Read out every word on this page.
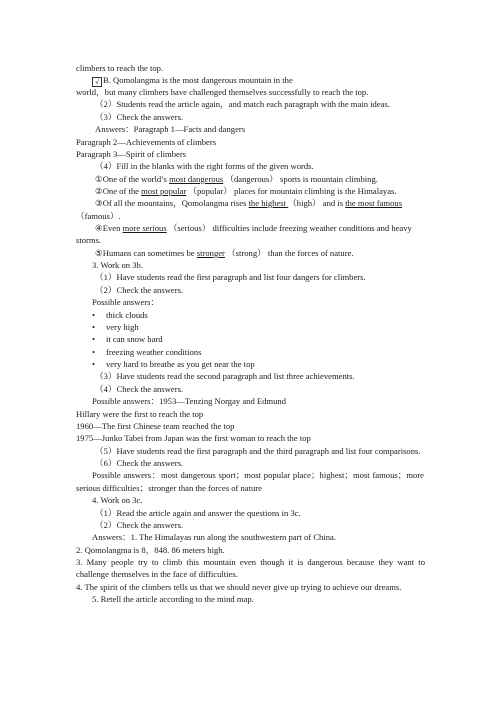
climbers to reach the top.
√ B. Qomolangma is the most dangerous mountain in the
world，but many climbers have challenged themselves successfully to reach the top.
（2）Students read the article again，and match each paragraph with the main ideas.
（3）Check the answers.
Answers：Paragraph 1—Facts and dangers
Paragraph 2—Achievements of climbers
Paragraph 3—Spirit of climbers
（4）Fill in the blanks with the right forms of the given words.
①One of the world’s most dangerous （dangerous） sports is mountain climbing.
②One of the most popular （popular） places for mountain climbing is the Himalayas.
③Of all the mountains，Qomolangma rises the highest （high） and is the most famous
（famous）.
④Even more serious （serious） difficulties include freezing weather conditions and heavy
storms.
⑤Humans can sometimes be stronger （strong） than the forces of nature.
3. Work on 3b.
（1）Have students read the first paragraph and list four dangers for climbers.
（2）Check the answers.
Possible answers：
• thick clouds
• very high
• it can snow hard
• freezing weather conditions
• very hard to breathe as you get near the top
（3）Have students read the second paragraph and list three achievements.
（4）Check the answers.
Possible answers：1953—Tenzing Norgay and Edmund
Hillary were the first to reach the top
1960—The first Chinese team reached the top
1975—Junko Tabei from Japan was the first woman to reach the top
（5）Have students read the first paragraph and the third paragraph and list four comparisons.
（6）Check the answers.
Possible answers：most dangerous sport；most popular place；highest；most famous；more
serious difficulties；stronger than the forces of nature
4. Work on 3c.
（1）Read the article again and answer the questions in 3c.
（2）Check the answers.
Answers：1. The Himalayas run along the southwestern part of China.
2. Qomolangma is 8，848. 86 meters high.
3. Many people try to climb this mountain even though it is dangerous because they want to
challenge themselves in the face of difficulties.
4. The spirit of the climbers tells us that we should never give up trying to achieve our dreams.
5. Retell the article according to the mind map.
